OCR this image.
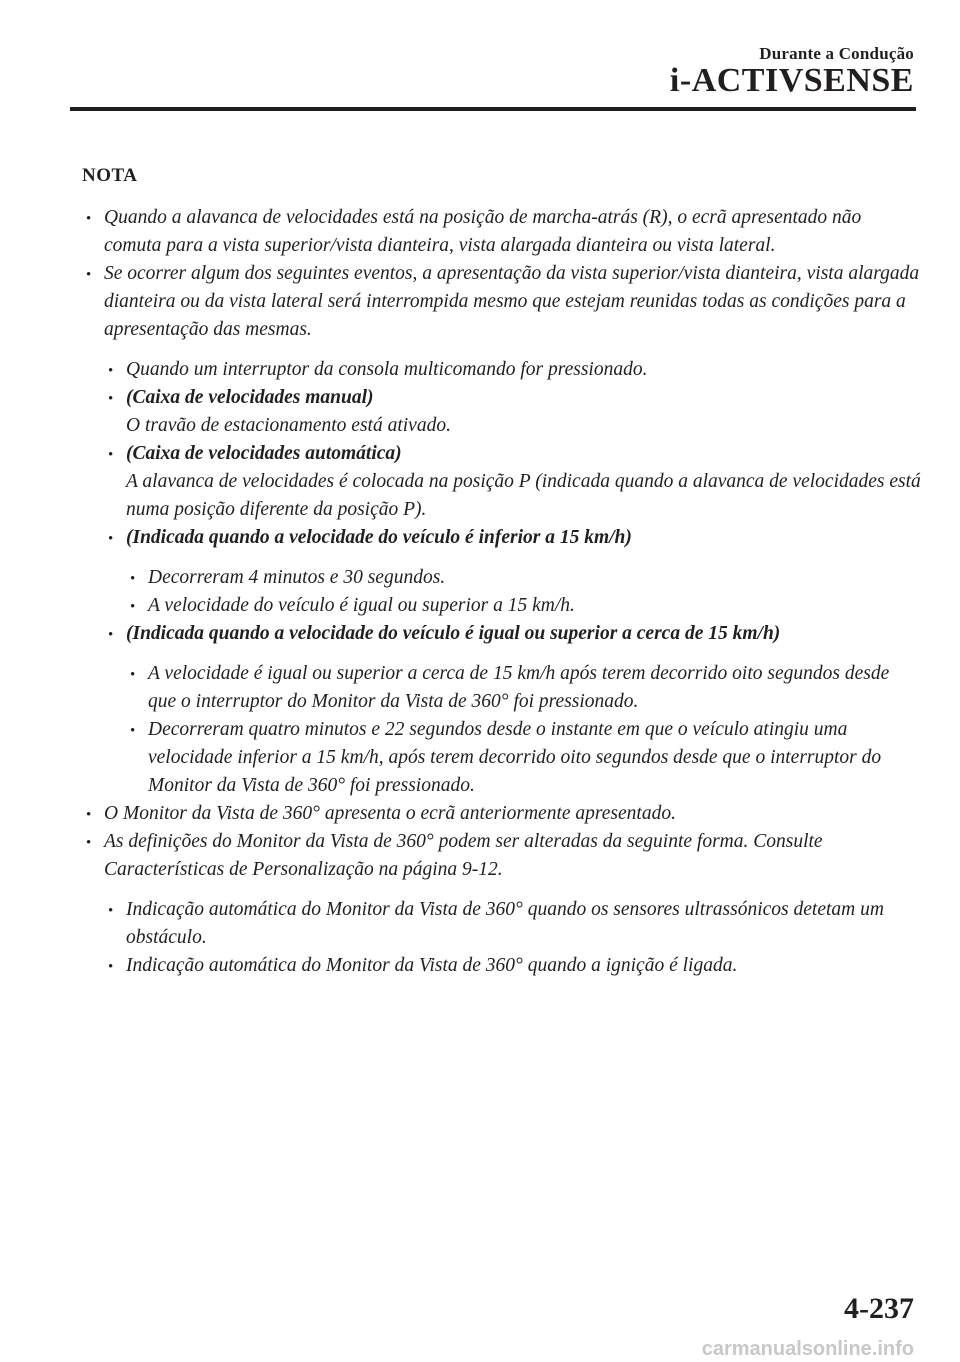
Durante a Condução
i-ACTIVSENSE
NOTA
• Quando a alavanca de velocidades está na posição de marcha-atrás (R), o ecrã apresentado não comuta para a vista superior/vista dianteira, vista alargada dianteira ou vista lateral.
• Se ocorrer algum dos seguintes eventos, a apresentação da vista superior/vista dianteira, vista alargada dianteira ou da vista lateral será interrompida mesmo que estejam reunidas todas as condições para a apresentação das mesmas.
• Quando um interruptor da consola multicomando for pressionado.
• (Caixa de velocidades manual)
O travão de estacionamento está ativado.
• (Caixa de velocidades automática)
A alavanca de velocidades é colocada na posição P (indicada quando a alavanca de velocidades está numa posição diferente da posição P).
• (Indicada quando a velocidade do veículo é inferior a 15 km/h)
• Decorreram 4 minutos e 30 segundos.
• A velocidade do veículo é igual ou superior a 15 km/h.
• (Indicada quando a velocidade do veículo é igual ou superior a cerca de 15 km/h)
• A velocidade é igual ou superior a cerca de 15 km/h após terem decorrido oito segundos desde que o interruptor do Monitor da Vista de 360° foi pressionado.
• Decorreram quatro minutos e 22 segundos desde o instante em que o veículo atingiu uma velocidade inferior a 15 km/h, após terem decorrido oito segundos desde que o interruptor do Monitor da Vista de 360° foi pressionado.
• O Monitor da Vista de 360° apresenta o ecrã anteriormente apresentado.
• As definições do Monitor da Vista de 360° podem ser alteradas da seguinte forma. Consulte Características de Personalização na página 9-12.
• Indicação automática do Monitor da Vista de 360° quando os sensores ultrassónicos detetam um obstáculo.
• Indicação automática do Monitor da Vista de 360° quando a ignição é ligada.
4-237
carmanualsonline.info
